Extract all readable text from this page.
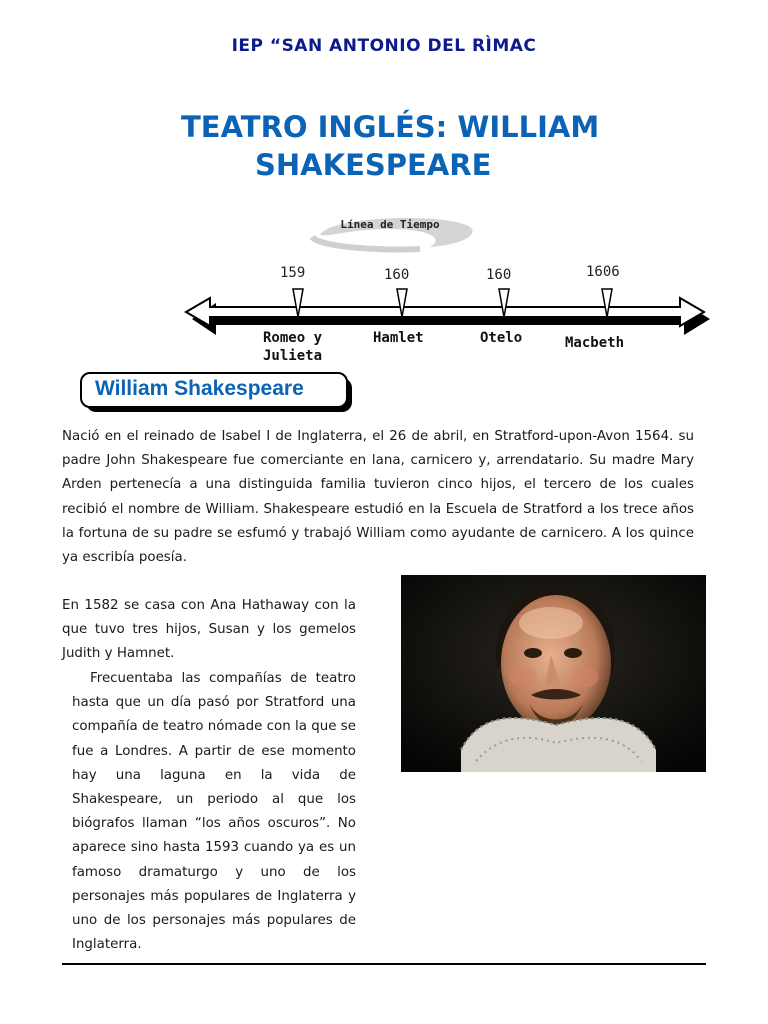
IEP “SAN ANTONIO DEL RÌMAC
TEATRO INGLÉS: WILLIAM
SHAKESPEARE
Línea de Tiempo
159	160	160	1606
Romeo y Julieta
Hamlet	Otelo	Macbeth
William Shakespeare

Nació en el reinado de Isabel I de Inglaterra, el 26 de abril, en Stratford-upon-Avon 1564. su padre John Shakespeare fue comerciante en lana, carnicero y, arrendatario. Su madre Mary Arden pertenecía a una distinguida familia tuvieron cinco hijos, el tercero de los cuales recibió el nombre de William. Shakespeare estudió en la Escuela de Stratford a los trece años la fortuna de su padre se esfumó y trabajó William como ayudante de carnicero. A los quince ya escribía poesía.

En 1582 se casa con Ana Hathaway con la que tuvo tres hijos, Susan y los gemelos Judith y Hamnet.

Frecuentaba las compañías de teatro hasta que un día pasó por Stratford una compañía de teatro nómade con la que se fue a Londres. A partir de ese momento hay una laguna en la vida de Shakespeare, un periodo al que los biógrafos llaman “los años oscuros”. No aparece sino hasta 1593 cuando ya es un famoso dramaturgo y uno de los personajes más populares de Inglaterra y uno de los personajes más populares de Inglaterra.
